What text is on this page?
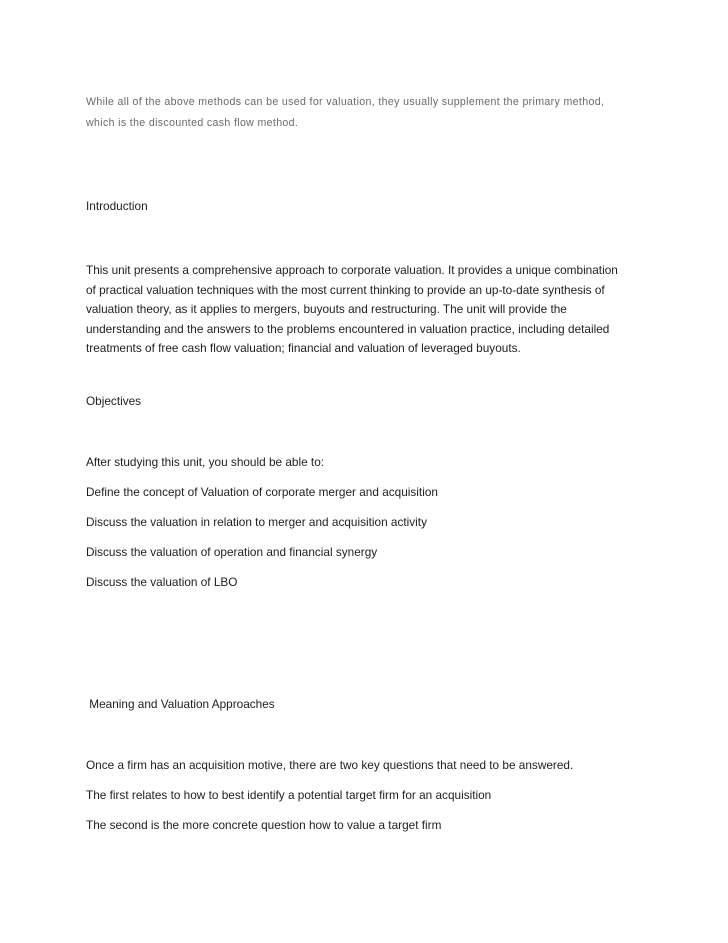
While all of the above methods can be used for valuation, they usually supplement the primary method,
which is the discounted cash flow method.
Introduction
This unit presents a comprehensive approach to corporate valuation. It provides a unique combination
of practical valuation techniques with the most current thinking to provide an up-to-date synthesis of
valuation theory, as it applies to mergers, buyouts and restructuring. The unit will provide the
understanding and the answers to the problems encountered in valuation practice, including detailed
treatments of free cash flow valuation; financial and valuation of leveraged buyouts.
Objectives
After studying this unit, you should be able to:
Define the concept of Valuation of corporate merger and acquisition
Discuss the valuation in relation to merger and acquisition activity
Discuss the valuation of operation and financial synergy
Discuss the valuation of LBO
Meaning and Valuation Approaches
Once a firm has an acquisition motive, there are two key questions that need to be answered.
The first relates to how to best identify a potential target firm for an acquisition
The second is the more concrete question how to value a target firm
